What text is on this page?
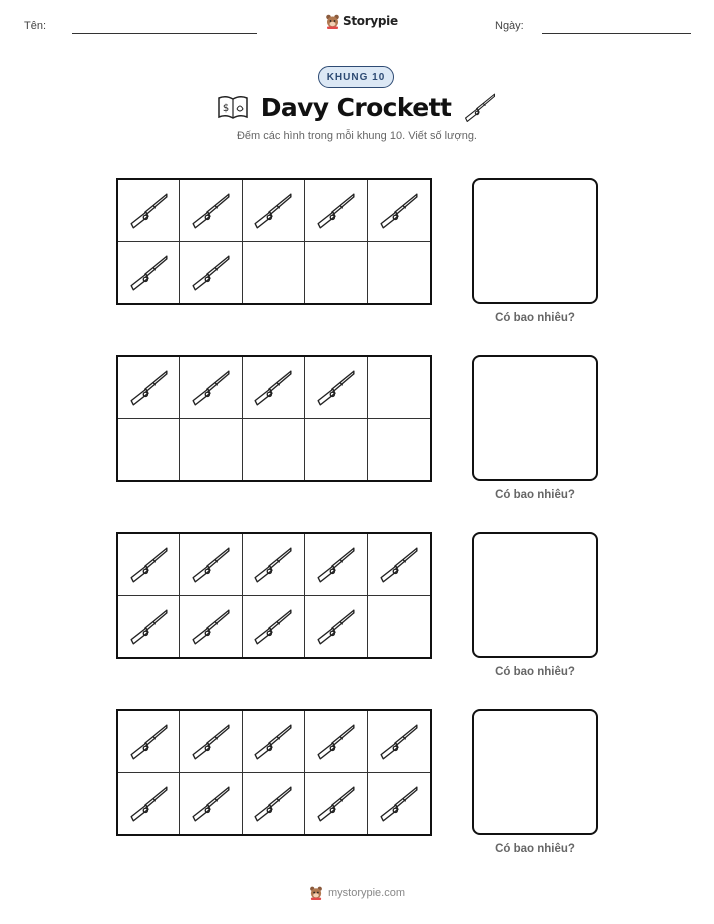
Tên:	Storypie	Ngày:
KHUNG 10
$ Davy Crockett
Đếm các hình trong mỗi khung 10. Viết số lượng.
Có bao nhiêu?
Có bao nhiêu?
Có bao nhiêu?
Có bao nhiêu?
mystorypie.com
